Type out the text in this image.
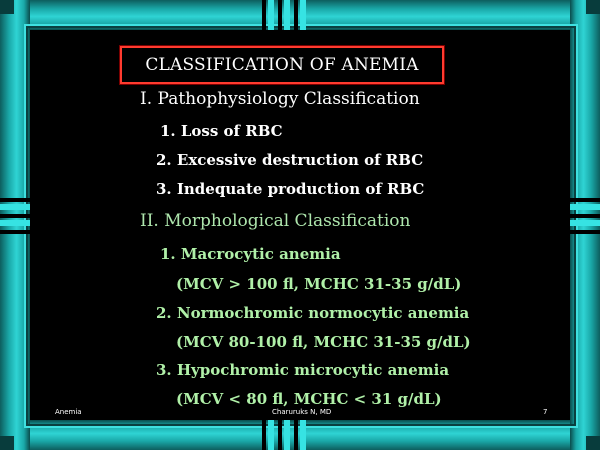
CLASSIFICATION OF ANEMIA
I. Pathophysiology Classification
1. Loss of RBC
2. Excessive destruction of RBC
3. Indequate production of RBC
II. Morphological Classification
1. Macrocytic anemia
(MCV > 100 fl, MCHC 31-35 g/dL)
2. Normochromic normocytic anemia
(MCV 80-100 fl, MCHC 31-35 g/dL)
3. Hypochromic microcytic anemia
(MCV < 80 fl, MCHC < 31 g/dL)
Anemia	Charuruks N, MD	7
